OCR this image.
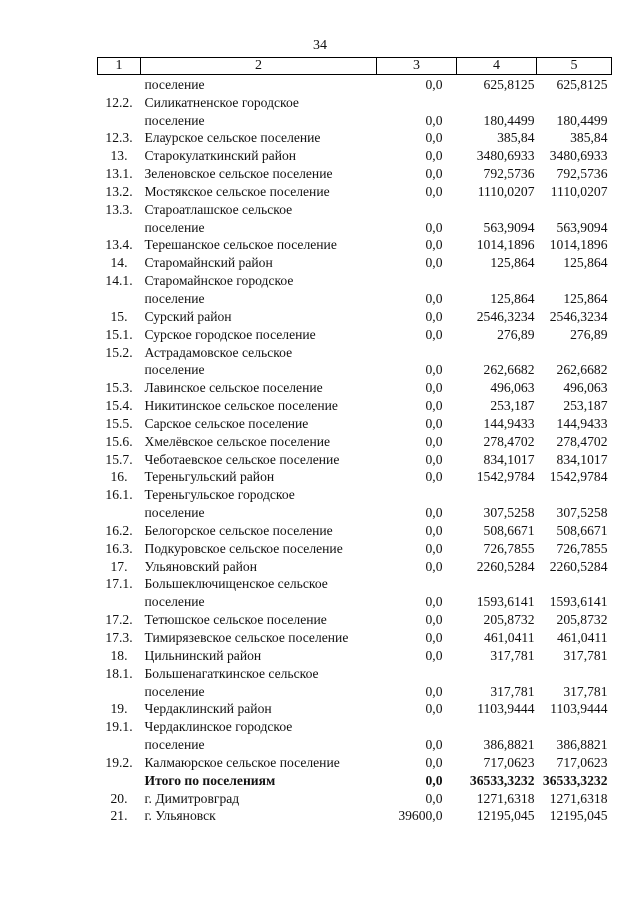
34
1	2	3	4	5
	поселение	0,0	625,8125	625,8125
12.2.	Силикатненское городское			
	поселение	0,0	180,4499	180,4499
12.3.	Елаурское сельское поселение	0,0	385,84	385,84
13.	Старокулаткинский район	0,0	3480,6933	3480,6933
13.1.	Зеленовское сельское поселение	0,0	792,5736	792,5736
13.2.	Мостякское сельское поселение	0,0	1110,0207	1110,0207
13.3.	Староатлашское сельское			
	поселение	0,0	563,9094	563,9094
13.4.	Терешанское сельское поселение	0,0	1014,1896	1014,1896
14.	Старомайнский район	0,0	125,864	125,864
14.1.	Старомайнское городское			
	поселение	0,0	125,864	125,864
15.	Сурский район	0,0	2546,3234	2546,3234
15.1.	Сурское городское поселение	0,0	276,89	276,89
15.2.	Астрадамовское сельское			
	поселение	0,0	262,6682	262,6682
15.3.	Лавинское сельское поселение	0,0	496,063	496,063
15.4.	Никитинское сельское поселение	0,0	253,187	253,187
15.5.	Сарское сельское поселение	0,0	144,9433	144,9433
15.6.	Хмелёвское сельское поселение	0,0	278,4702	278,4702
15.7.	Чеботаевское сельское поселение	0,0	834,1017	834,1017
16.	Тереньгульский район	0,0	1542,9784	1542,9784
16.1.	Тереньгульское городское			
	поселение	0,0	307,5258	307,5258
16.2.	Белогорское сельское поселение	0,0	508,6671	508,6671
16.3.	Подкуровское сельское поселение	0,0	726,7855	726,7855
17.	Ульяновский район	0,0	2260,5284	2260,5284
17.1.	Большеключищенское сельское			
	поселение	0,0	1593,6141	1593,6141
17.2.	Тетюшское сельское поселение	0,0	205,8732	205,8732
17.3.	Тимирязевское сельское поселение	0,0	461,0411	461,0411
18.	Цильнинский район	0,0	317,781	317,781
18.1.	Большенагаткинское сельское			
	поселение	0,0	317,781	317,781
19.	Чердаклинский район	0,0	1103,9444	1103,9444
19.1.	Чердаклинское городское			
	поселение	0,0	386,8821	386,8821
19.2.	Калмаюрское сельское поселение	0,0	717,0623	717,0623
	Итого по поселениям	0,0	36533,3232	36533,3232
20.	г. Димитровград	0,0	1271,6318	1271,6318
21.	г. Ульяновск	39600,0	12195,045	12195,045
